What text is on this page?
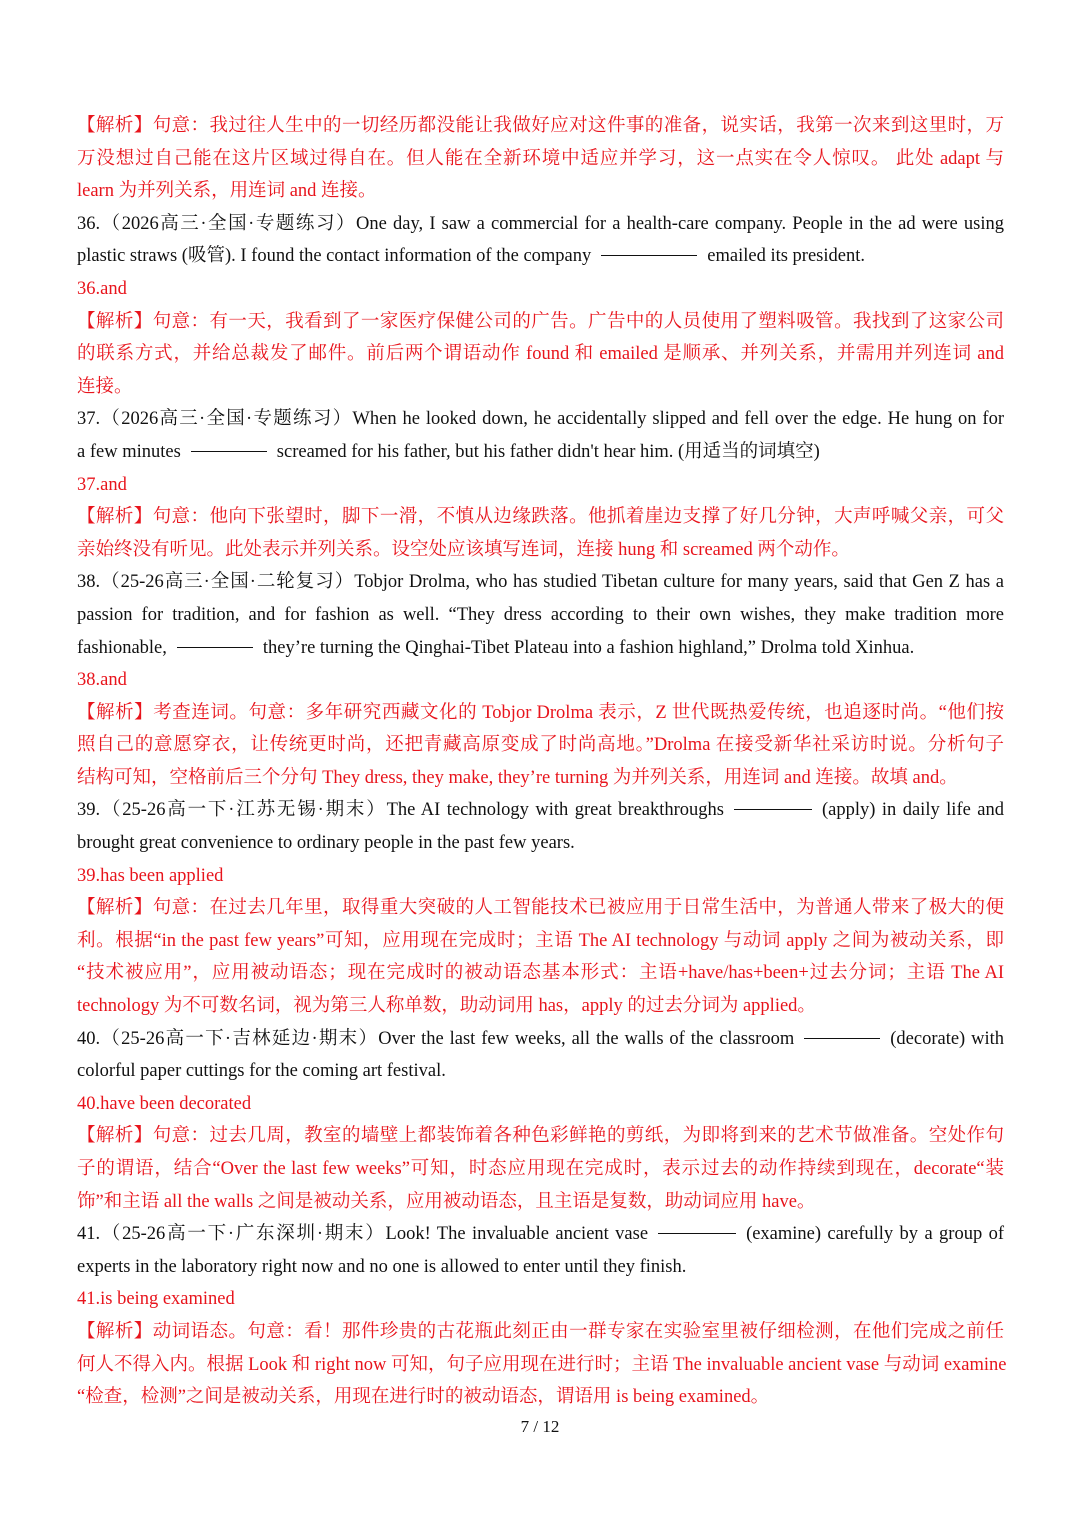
【解析】句意：我过往人生中的一切经历都没能让我做好应对这件事的准备，说实话，我第一次来到这里时，万
万没想过自己能在这片区域过得自在。但人能在全新环境中适应并学习，这一点实在令人惊叹。 此处 adapt 与
learn 为并列关系，用连词 and 连接。
36.（2026高三·全国·专题练习）One day, I saw a commercial for a health-care company. People in the ad were using
plastic straws (吸管). I found the contact information of the company	emailed its president.
36.and
【解析】句意：有一天，我看到了一家医疗保健公司的广告。广告中的人员使用了塑料吸管。我找到了这家公司
的联系方式，并给总裁发了邮件。前后两个谓语动作 found 和 emailed 是顺承、并列关系，并需用并列连词 and
连接。
37.（2026高三·全国·专题练习）When he looked down, he accidentally slipped and fell over the edge. He hung on for
a few minutes	screamed for his father, but his father didn't hear him. (用适当的词填空)
37.and
【解析】句意：他向下张望时，脚下一滑，不慎从边缘跌落。他抓着崖边支撑了好几分钟，大声呼喊父亲，可父
亲始终没有听见。此处表示并列关系。设空处应该填写连词，连接 hung 和 screamed 两个动作。
38.（25-26高三·全国·二轮复习）Tobjor Drolma, who has studied Tibetan culture for many years, said that Gen Z has a
passion for tradition, and for fashion as well. “They dress according to their own wishes, they make tradition more
fashionable,	they’re turning the Qinghai-Tibet Plateau into a fashion highland,” Drolma told Xinhua.
38.and
【解析】考查连词。句意：多年研究西藏文化的 Tobjor Drolma 表示，Z 世代既热爱传统，也追逐时尚。“他们按
照自己的意愿穿衣，让传统更时尚，还把青藏高原变成了时尚高地。”Drolma 在接受新华社采访时说。分析句子
结构可知，空格前后三个分句 They dress, they make, they’re turning 为并列关系，用连词 and 连接。故填 and。
39.（25-26高一下·江苏无锡·期末）The AI technology with great breakthroughs	(apply) in daily life and
brought great convenience to ordinary people in the past few years.
39.has been applied
【解析】句意：在过去几年里，取得重大突破的人工智能技术已被应用于日常生活中，为普通人带来了极大的便
利。根据“in the past few years”可知，应用现在完成时；主语 The AI technology 与动词 apply 之间为被动关系，即
“技术被应用”，应用被动语态；现在完成时的被动语态基本形式：主语+have/has+been+过去分词；主语 The AI
technology 为不可数名词，视为第三人称单数，助动词用 has，apply 的过去分词为 applied。
40.（25-26高一下·吉林延边·期末）Over the last few weeks, all the walls of the classroom	(decorate) with
colorful paper cuttings for the coming art festival.
40.have been decorated
【解析】句意：过去几周，教室的墙壁上都装饰着各种色彩鲜艳的剪纸，为即将到来的艺术节做准备。空处作句
子的谓语，结合“Over the last few weeks”可知，时态应用现在完成时，表示过去的动作持续到现在，decorate“装
饰”和主语 all the walls 之间是被动关系，应用被动语态，且主语是复数，助动词应用 have。
41.（25-26高一下·广东深圳·期末）Look! The invaluable ancient vase	(examine) carefully by a group of
experts in the laboratory right now and no one is allowed to enter until they finish.
41.is being examined
【解析】动词语态。句意：看！那件珍贵的古花瓶此刻正由一群专家在实验室里被仔细检测，在他们完成之前任
何人不得入内。根据 Look 和 right now 可知，句子应用现在进行时；主语 The invaluable ancient vase 与动词 examine
“检查，检测”之间是被动关系，用现在进行时的被动语态，谓语用 is being examined。
7 / 12
